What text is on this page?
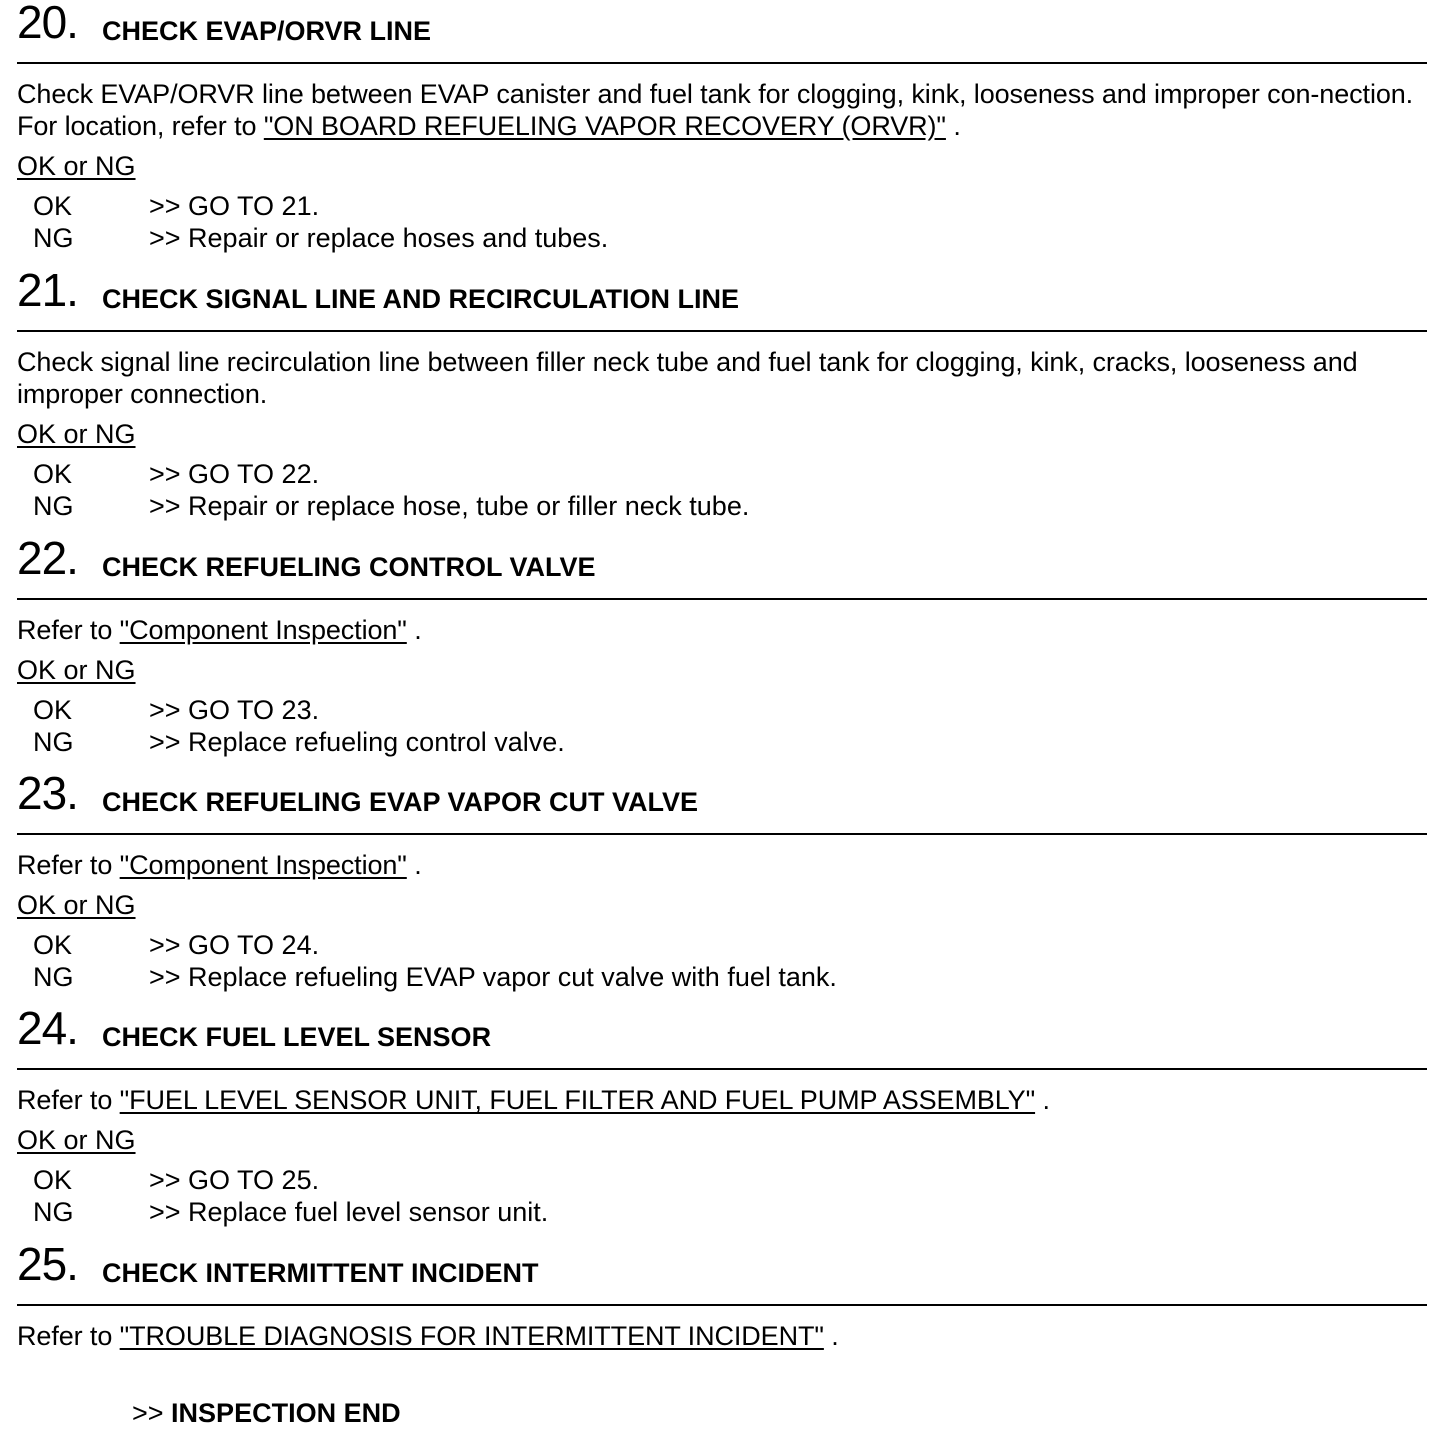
20. CHECK EVAP/ORVR LINE
Check EVAP/ORVR line between EVAP canister and fuel tank for clogging, kink, looseness and improper con-nection. For location, refer to "ON BOARD REFUELING VAPOR RECOVERY (ORVR)" .
OK or NG
OK	>> GO TO 21.
NG	>> Repair or replace hoses and tubes.
21. CHECK SIGNAL LINE AND RECIRCULATION LINE
Check signal line recirculation line between filler neck tube and fuel tank for clogging, kink, cracks, looseness and improper connection.
OK or NG
OK	>> GO TO 22.
NG	>> Repair or replace hose, tube or filler neck tube.
22. CHECK REFUELING CONTROL VALVE
Refer to "Component Inspection" .
OK or NG
OK	>> GO TO 23.
NG	>> Replace refueling control valve.
23. CHECK REFUELING EVAP VAPOR CUT VALVE
Refer to "Component Inspection" .
OK or NG
OK	>> GO TO 24.
NG	>> Replace refueling EVAP vapor cut valve with fuel tank.
24. CHECK FUEL LEVEL SENSOR
Refer to "FUEL LEVEL SENSOR UNIT, FUEL FILTER AND FUEL PUMP ASSEMBLY" .
OK or NG
OK	>> GO TO 25.
NG	>> Replace fuel level sensor unit.
25. CHECK INTERMITTENT INCIDENT
Refer to "TROUBLE DIAGNOSIS FOR INTERMITTENT INCIDENT" .
>> INSPECTION END
